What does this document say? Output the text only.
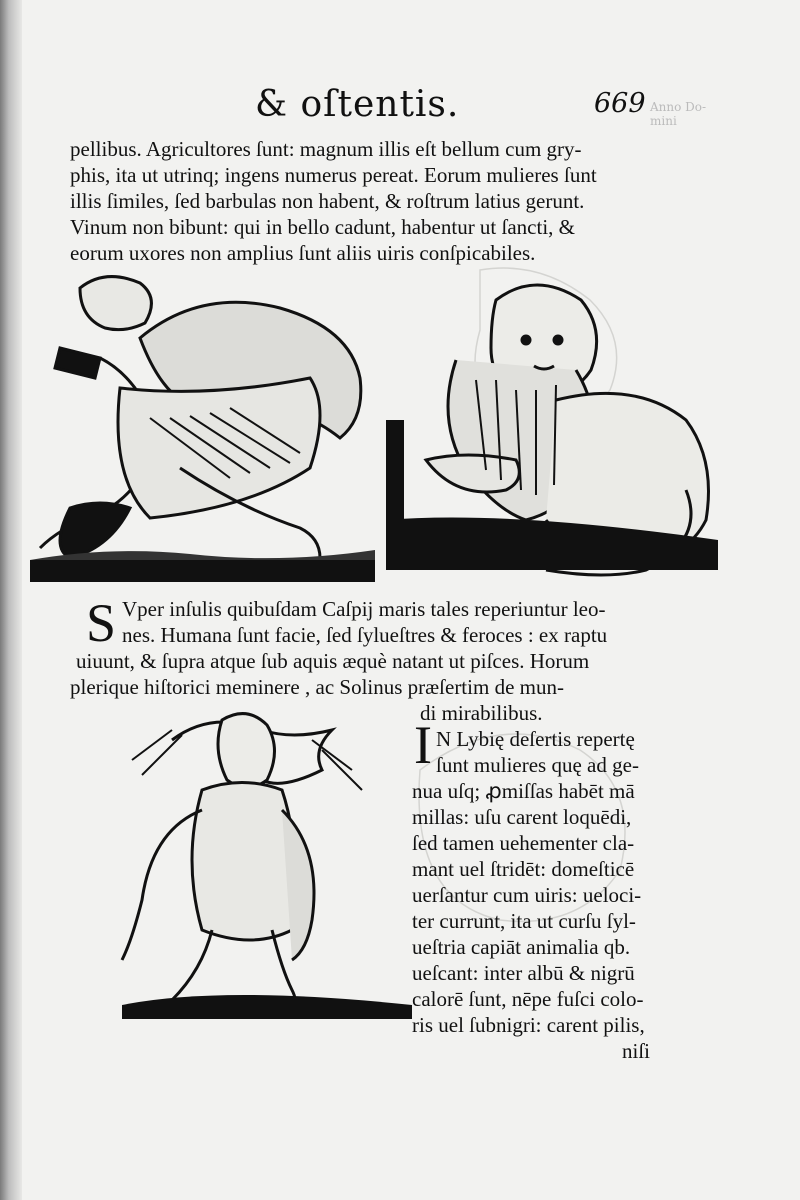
Anno Do- mini
& oſtentis.	669
pellibus. Agricultores ſunt: magnum illis eſt bellum cum gry-
phis, ita ut utrinq; ingens numerus pereat. Eorum mulieres ſunt
illis ſimiles, ſed barbulas non habent, & roſtrum latius gerunt.
Vinum non bibunt: qui in bello cadunt, habentur ut ſancti, &
eorum uxores non amplius ſunt aliis uiris conſpicabiles.
S Vper inſulis quibuſdam Caſpij maris tales reperiuntur leo-
nes. Humana ſunt facie, ſed ſylueſtres & feroces : ex raptu
uiuunt, & ſupra atque ſub aquis æquè natant ut piſces. Horum
plerique hiſtorici meminere , ac Solinus præſertim de mun-
di mirabilibus.
I N Lybię deſertis repertę
ſunt mulieres quę ad ge-
nua uſq; ꝓmiſſas habēt mā
millas: uſu carent loquēdi,
ſed tamen uehementer cla-
mant uel ſtridēt: domeſticē
uerſantur cum uiris: ueloci-
ter currunt, ita ut curſu ſyl-
ueſtria capiāt animalia qb.
ueſcant: inter albū & nigrū
calorē ſunt, nēpe fuſci colo-
ris uel ſubnigri: carent pilis,
niſi
